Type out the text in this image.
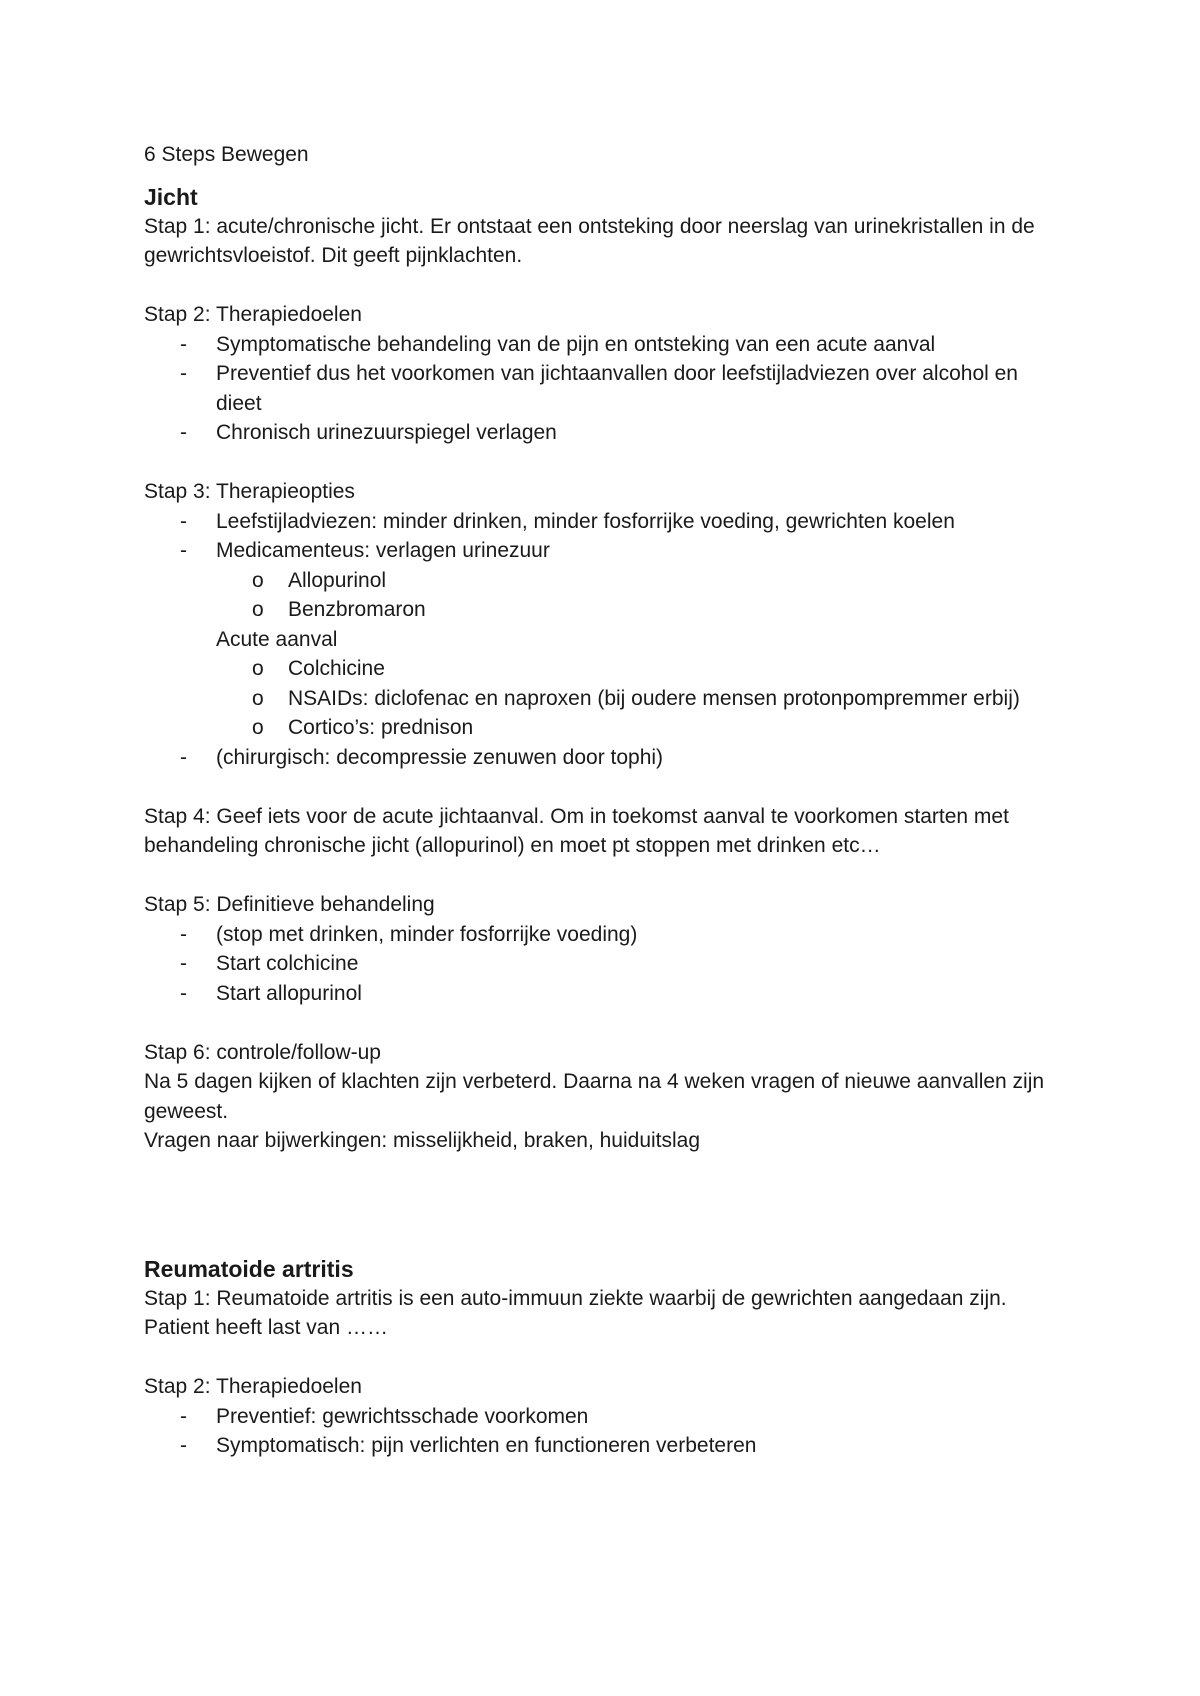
6 Steps Bewegen

Jicht

Stap 1: acute/chronische jicht. Er ontstaat een ontsteking door neerslag van urinekristallen in de gewrichtsvloeistof. Dit geeft pijnklachten.

Stap 2: Therapiedoelen

- Symptomatische behandeling van de pijn en ontsteking van een acute aanval
- Preventief dus het voorkomen van jichtaanvallen door leefstijladviezen over alcohol en dieet
- Chronisch urinezuurspiegel verlagen

Stap 3: Therapieopties

- Leefstijladviezen: minder drinken, minder fosforrijke voeding, gewrichten koelen
- Medicamenteus: verlagen urinezuur
o Allopurinol
o Benzbromaron

Acute aanval

o Colchicine
o NSAIDs: diclofenac en naproxen (bij oudere mensen protonpompremmer erbij)
o Cortico’s: prednison
- (chirurgisch: decompressie zenuwen door tophi)

Stap 4: Geef iets voor de acute jichtaanval. Om in toekomst aanval te voorkomen starten met behandeling chronische jicht (allopurinol) en moet pt stoppen met drinken etc…

Stap 5: Definitieve behandeling

- (stop met drinken, minder fosforrijke voeding)
- Start colchicine
- Start allopurinol

Stap 6: controle/follow-up

Na 5 dagen kijken of klachten zijn verbeterd. Daarna na 4 weken vragen of nieuwe aanvallen zijn geweest.

Vragen naar bijwerkingen: misselijkheid, braken, huiduitslag

Reumatoide artritis

Stap 1: Reumatoide artritis is een auto-immuun ziekte waarbij de gewrichten aangedaan zijn. Patient heeft last van ……

Stap 2: Therapiedoelen

- Preventief: gewrichtsschade voorkomen
- Symptomatisch: pijn verlichten en functioneren verbeteren
